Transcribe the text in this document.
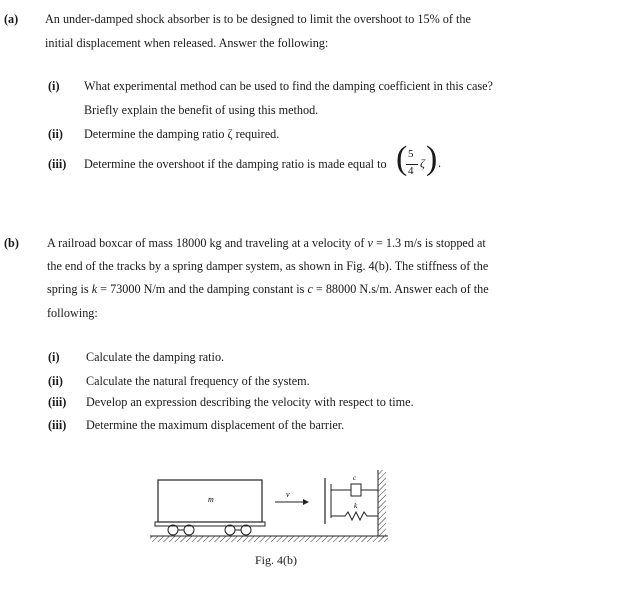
(a) An under-damped shock absorber is to be designed to limit the overshoot to 15% of the
initial displacement when released. Answer the following:
(i) What experimental method can be used to find the damping coefficient in this case?
Briefly explain the benefit of using this method.
(ii) Determine the damping ratio ζ required.
(iii) Determine the overshoot if the damping ratio is made equal to ( 5
4
ζ ) .
(b) A railroad boxcar of mass 18000 kg and traveling at a velocity of v = 1.3 m/s is stopped at
the end of the tracks by a spring damper system, as shown in Fig. 4(b). The stiffness of the
spring is k = 73000 N/m and the damping constant is c = 88000 N.s/m. Answer each of the
following:
(i) Calculate the damping ratio.
(ii) Calculate the natural frequency of the system.
(iii) Develop an expression describing the velocity with respect to time.
(iii) Determine the maximum displacement of the barrier.
m
v
c
k
Fig. 4(b)
